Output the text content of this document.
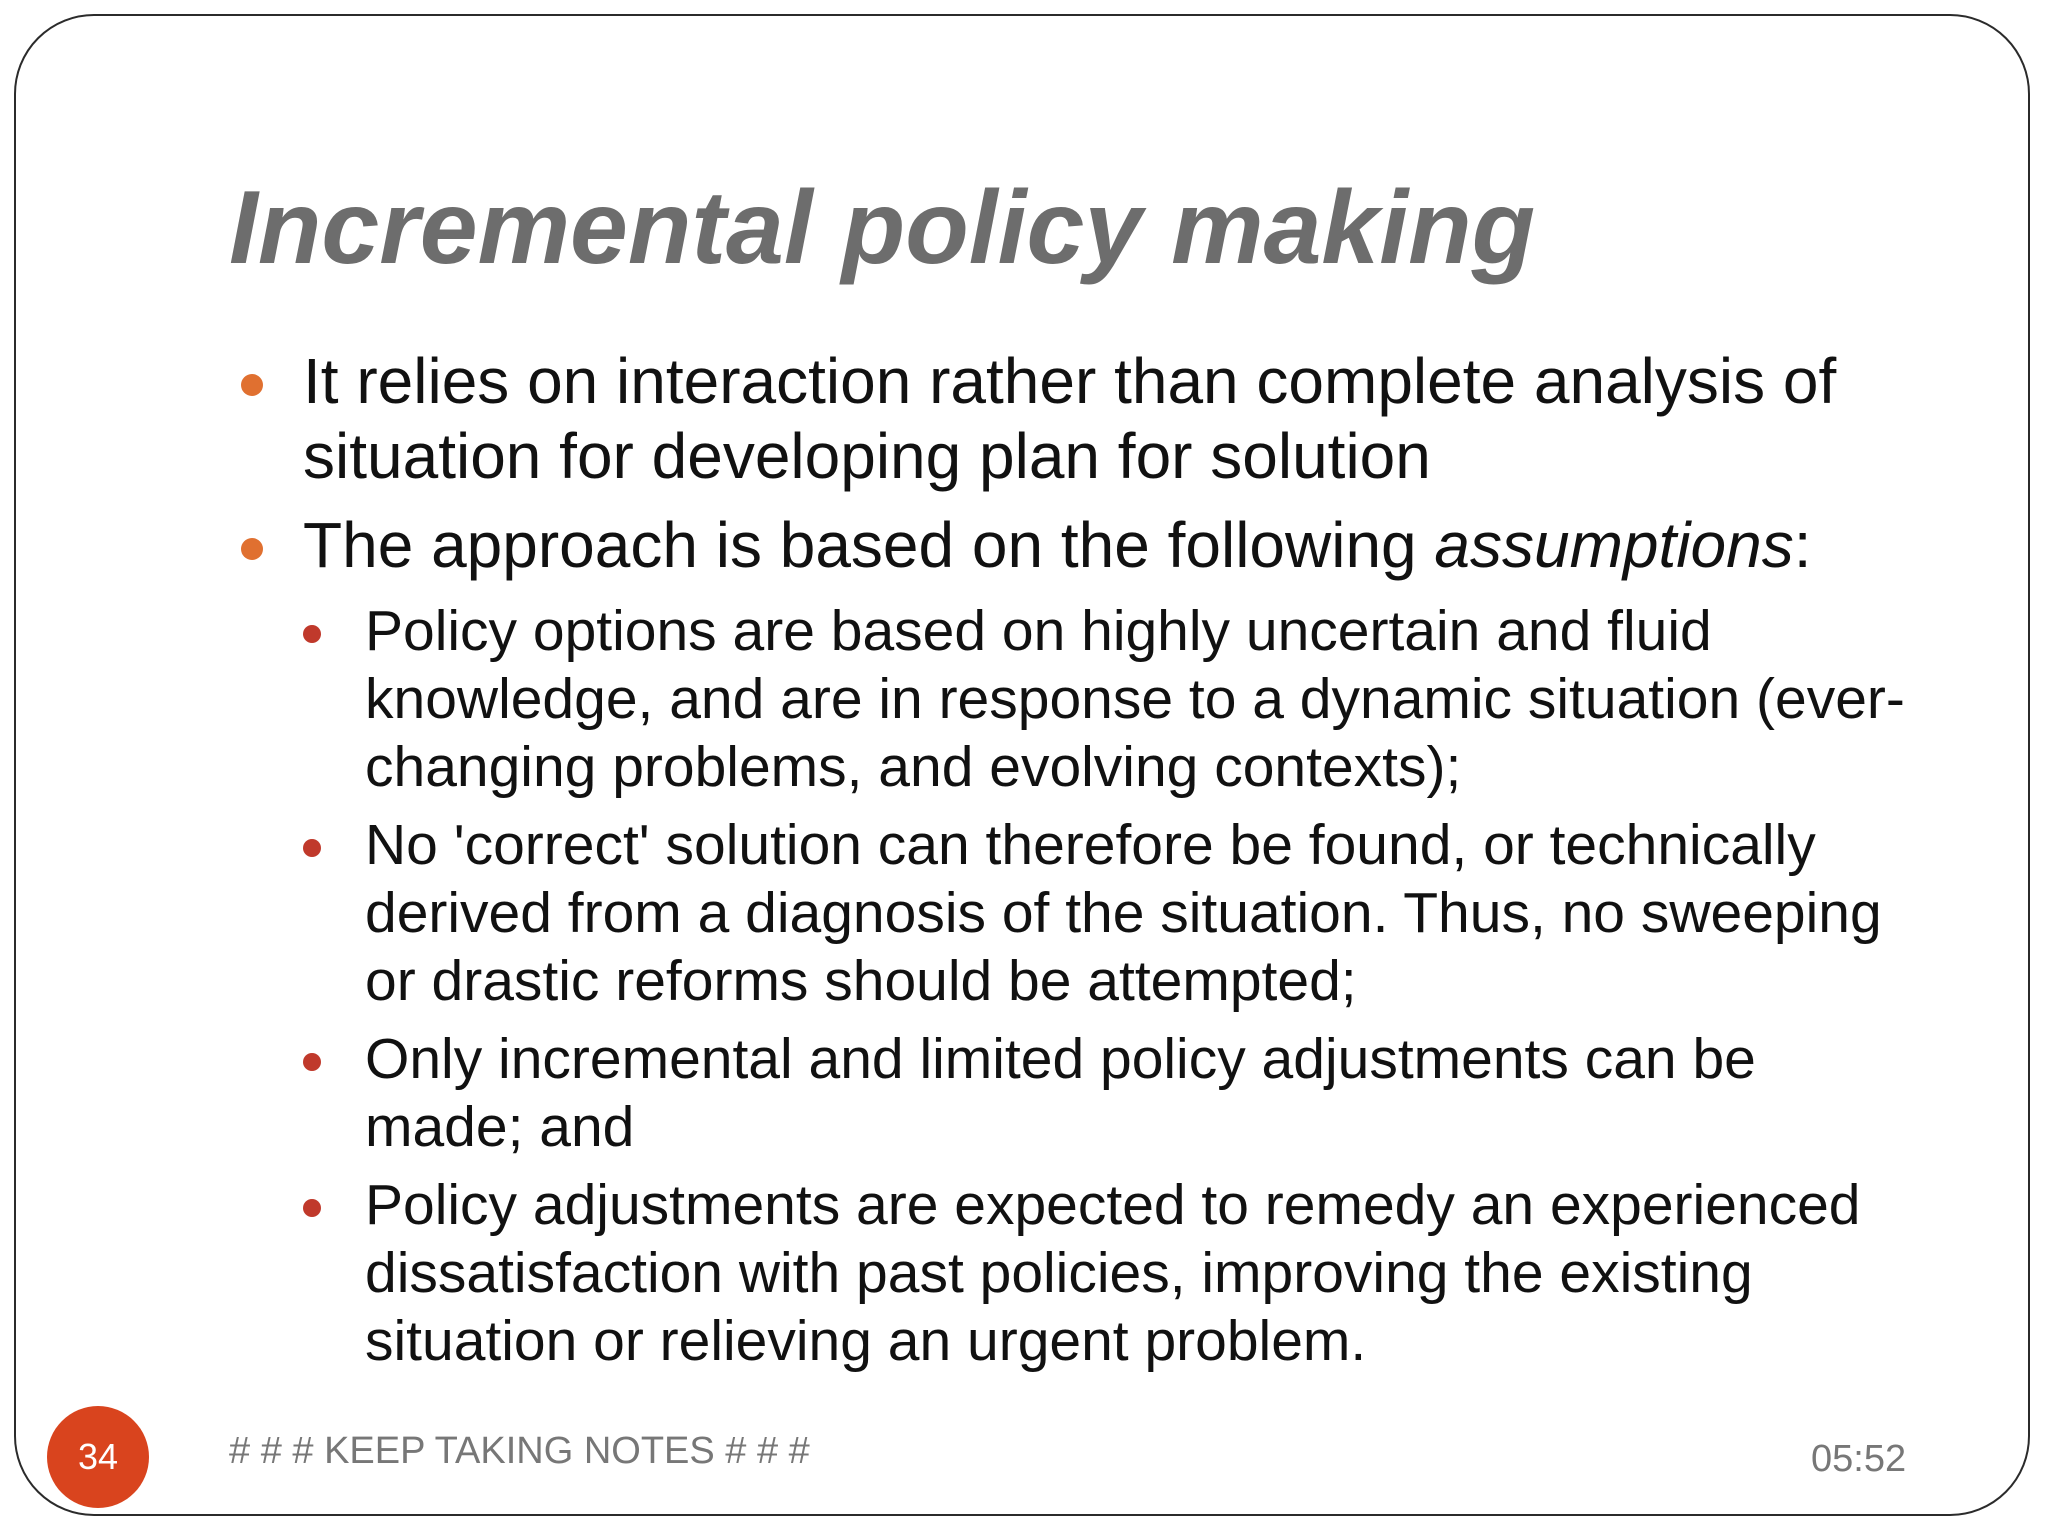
Incremental policy making
It relies on interaction rather than complete analysis of situation for developing plan for solution
The approach is based on the following assumptions:
Policy options are based on highly uncertain and fluid knowledge, and are in response to a dynamic situation (ever-changing problems, and evolving contexts);
No 'correct' solution can therefore be found, or technically derived from a diagnosis of the situation. Thus, no sweeping or drastic reforms should be attempted;
Only incremental and limited policy adjustments can be made; and
Policy adjustments are expected to remedy an experienced dissatisfaction with past policies, improving the existing situation or relieving an urgent problem.
34	# # # KEEP TAKING NOTES # # #	05:52
